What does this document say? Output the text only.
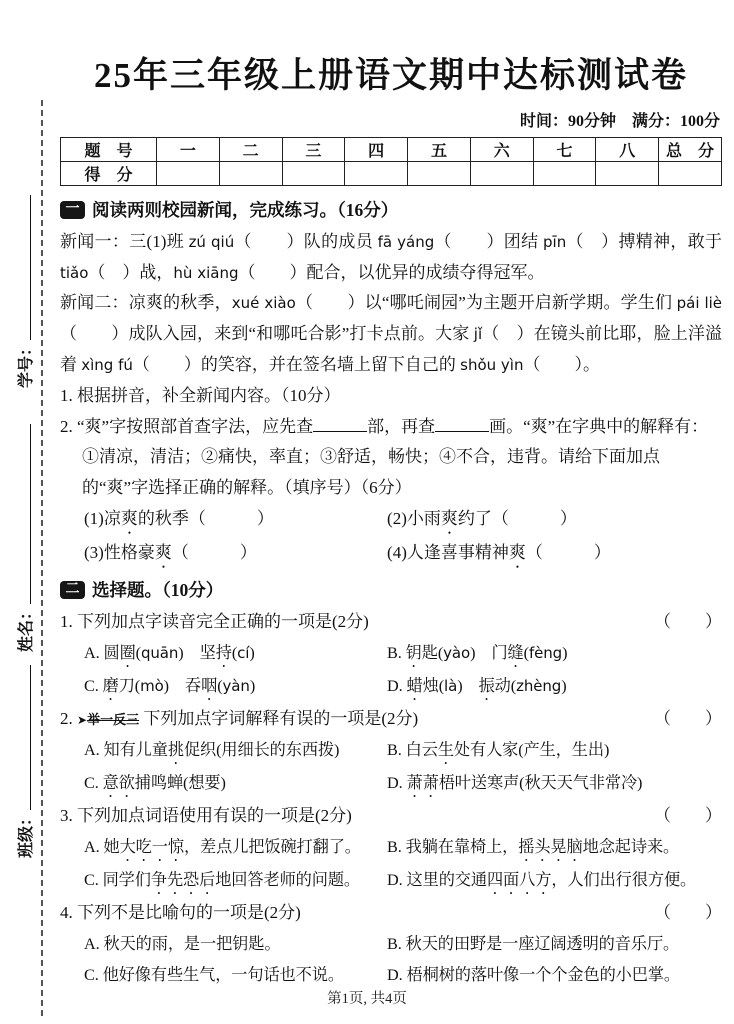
学号：
姓名：
班级：
25年三年级上册语文期中达标测试卷
时间：90分钟　满分：100分
题　号	一	二	三	四	五	六	七	八	总　分
得　分									
一 阅读两则校园新闻，完成练习。（16分）
新闻一：三(1)班 zú qiú（　　）队的成员 fā yáng（　　）团结 pīn（　）搏精神，敢于 tiǎo（　）战，hù xiāng（　　）配合，以优异的成绩夺得冠军。
新闻二：凉爽的秋季，xué xiào（　　）以“哪吒闹园”为主题开启新学期。学生们 pái liè（　　）成队入园，来到“和哪吒合影”打卡点前。大家 jǐ（　）在镜头前比耶，脸上洋溢着 xìng fú（　　）的笑容，并在签名墙上留下自己的 shǒu yìn（　　）。
1. 根据拼音，补全新闻内容。（10分）
2. “爽”字按照部首查字法，应先查	部，再查	画。“爽”在字典中的解释有：①清凉，清洁；②痛快，率直；③舒适，畅快；④不合，违背。请给下面加点的“爽”字选择正确的解释。（填序号）（6分）
(1)凉爽的秋季（　　　）	(2)小雨爽约了（　　　）
(3)性格豪爽（　　　）	(4)人逢喜事精神爽（　　　）
二 选择题。（10分）
1. 下列加点字读音完全正确的一项是(2分)	（　　）
A. 圆圈(quān)　坚持(cí)	B. 钥匙(yào)　门缝(fèng)
C. 磨刀(mò)　吞咽(yàn)	D. 蜡烛(là)　振动(zhèng)
2. ➤举一反三 下列加点字词解释有误的一项是(2分)	（　　）
A. 知有儿童挑促织(用细长的东西拨)	B. 白云生处有人家(产生，生出)
C. 意欲捕鸣蝉(想要)	D. 萧萧梧叶送寒声(秋天天气非常冷)
3. 下列加点词语使用有误的一项是(2分)	（　　）
A. 她大吃一惊，差点儿把饭碗打翻了。	B. 我躺在靠椅上，摇头晃脑地念起诗来。
C. 同学们争先恐后地回答老师的问题。	D. 这里的交通四面八方，人们出行很方便。
4. 下列不是比喻句的一项是(2分)	（　　）
A. 秋天的雨，是一把钥匙。	B. 秋天的田野是一座辽阔透明的音乐厅。
C. 他好像有些生气，一句话也不说。	D. 梧桐树的落叶像一个个金色的小巴掌。
第1页, 共4页
